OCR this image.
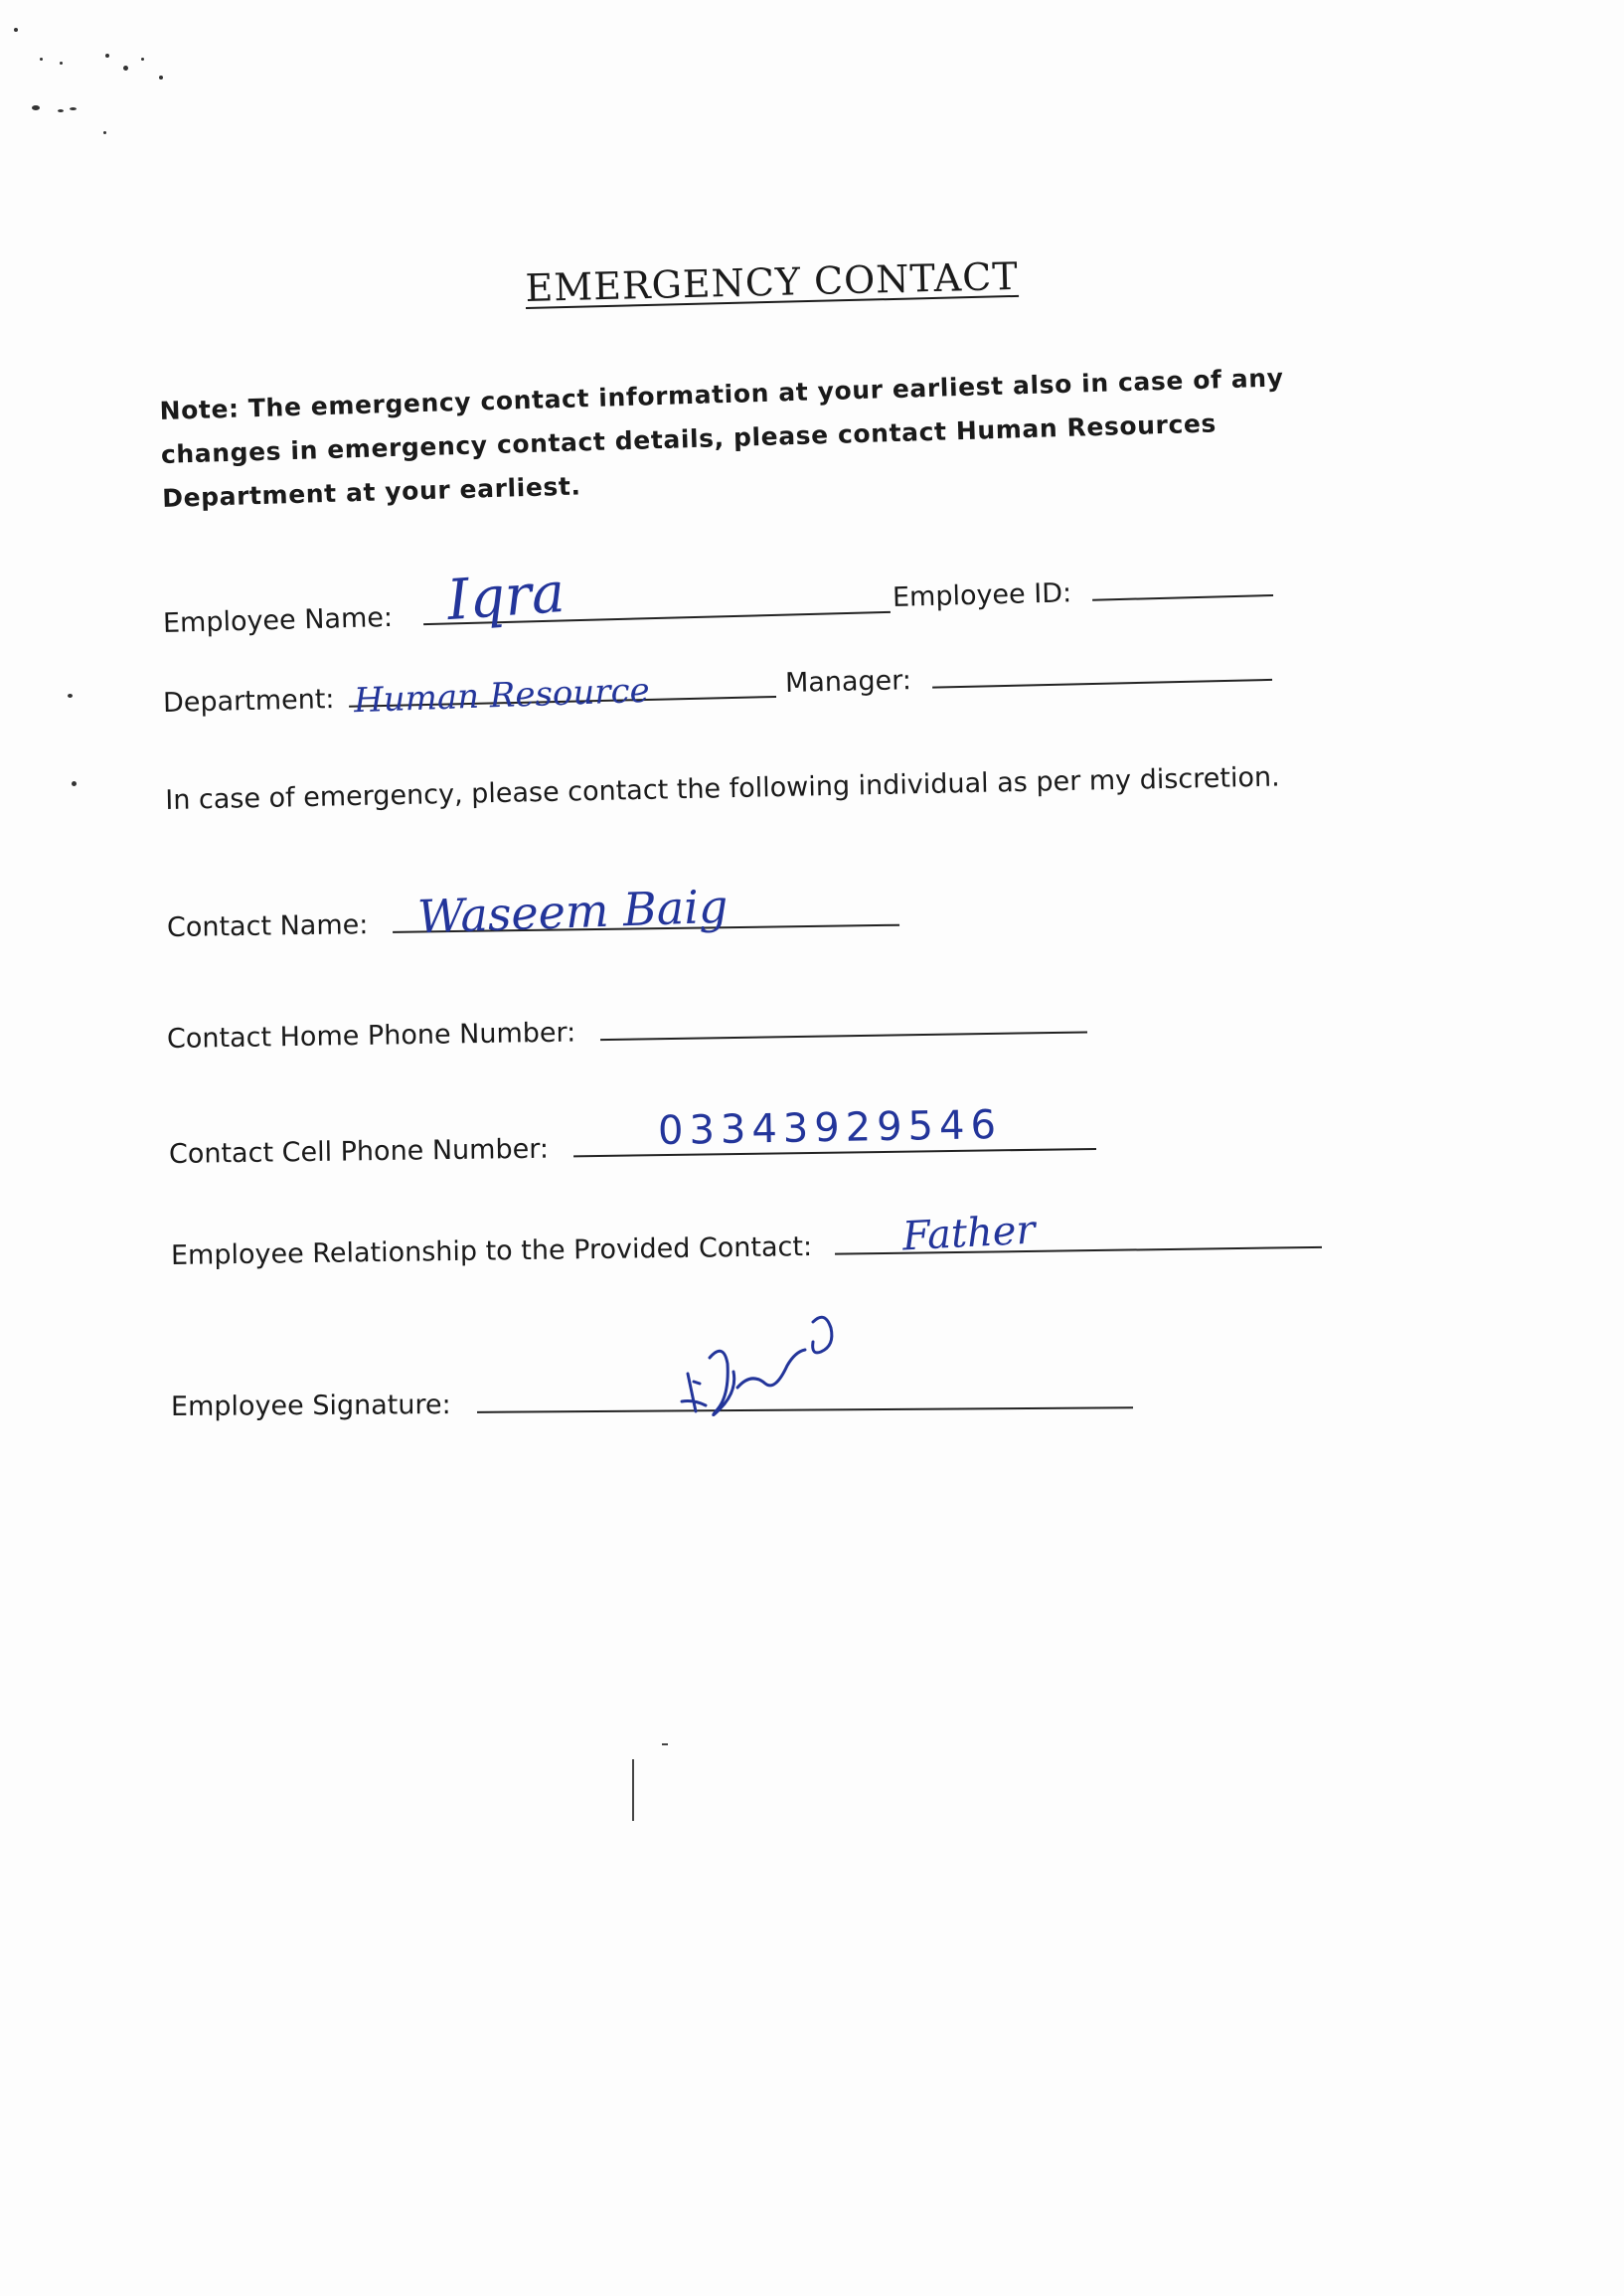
EMERGENCY CONTACT
Note: The emergency contact information at your earliest also in case of any changes in emergency contact details, please contact Human Resources Department at your earliest.
Employee Name: Iqra	Employee ID:
Department: Human Resource	Manager:
In case of emergency, please contact the following individual as per my discretion.
Contact Name:	Waseem Baig
Contact Home Phone Number:
Contact Cell Phone Number:	03343929546
Employee Relationship to the Provided Contact:	Father
Employee Signature:
